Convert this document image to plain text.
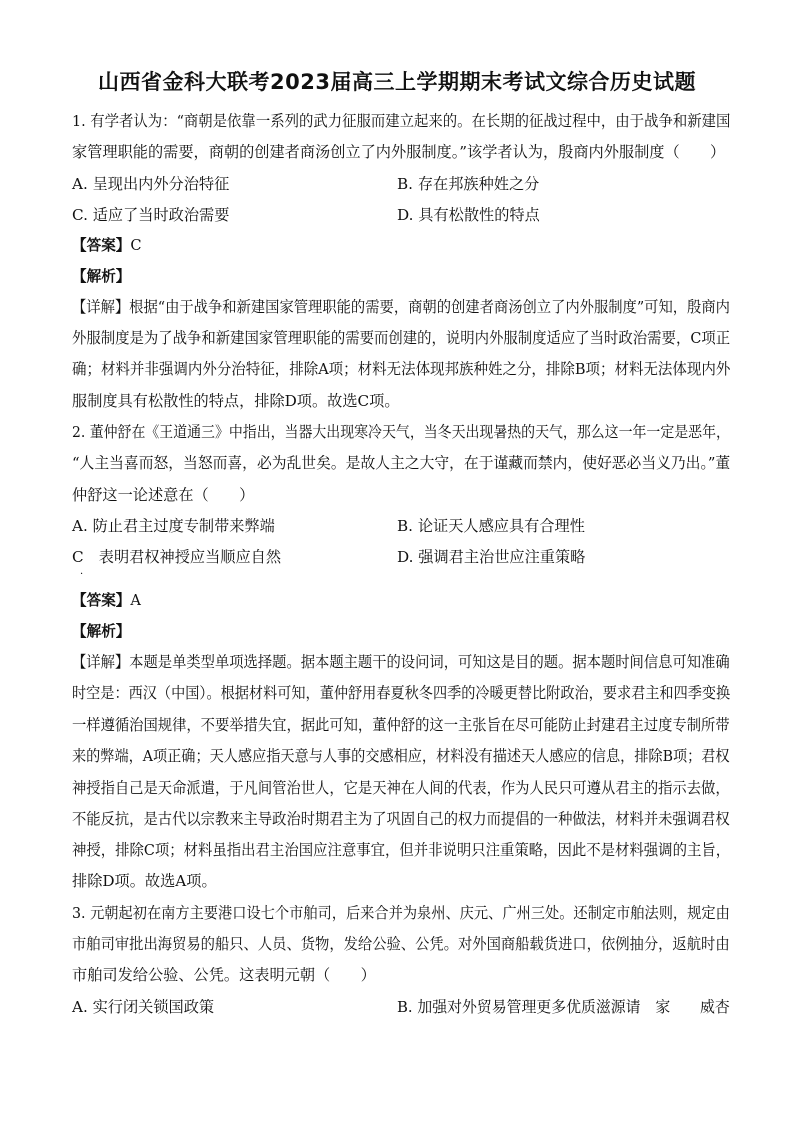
山西省金科大联考2023届高三上学期期末考试文综合历史试题
1. 有学者认为：“商朝是依靠一系列的武力征服而建立起来的。在长期的征战过程中，由于战争和新建国
家管理职能的需要，商朝的创建者商汤创立了内外服制度。”该学者认为，殷商内外服制度（　　）
A. 呈现出内外分治特征	B. 存在邦族种姓之分
C. 适应了当时政治需要	D. 具有松散性的特点
【答案】C
【解析】
【详解】根据“由于战争和新建国家管理职能的需要，商朝的创建者商汤创立了内外服制度”可知，殷商内
外服制度是为了战争和新建国家管理职能的需要而创建的，说明内外服制度适应了当时政治需要，C项正
确；材料并非强调内外分治特征，排除A项；材料无法体现邦族种姓之分，排除B项；材料无法体现内外
服制度具有松散性的特点，排除D项。故选C项。
2. 董仲舒在《王道通三》中指出，当器大出现寒冷天气，当冬天出现暑热的天气，那么这一年一定是恶年，
“人主当喜而怒，当怒而喜，必为乱世矣。是故人主之大守，在于谨藏而禁内，使好恶必当义乃出。”董
仲舒这一论述意在（　　）
A. 防止君主过度专制带来弊端	B. 论证天人感应具有合理性
C　表明君权神授应当顺应自然	D. 强调君主治世应注重策略
·
【答案】A
【解析】
【详解】本题是单类型单项选择题。据本题主题干的设问词，可知这是目的题。据本题时间信息可知准确
时空是：西汉（中国）。根据材料可知，董仲舒用春夏秋冬四季的冷暖更替比附政治，要求君主和四季变换
一样遵循治国规律，不要举措失宜，据此可知，董仲舒的这一主张旨在尽可能防止封建君主过度专制所带
来的弊端，A项正确；天人感应指天意与人事的交感相应，材料没有描述天人感应的信息，排除B项；君权
神授指自己是天命派遣，于凡间管治世人，它是天神在人间的代表，作为人民只可遵从君主的指示去做，
不能反抗，是古代以宗教来主导政治时期君主为了巩固自己的权力而提倡的一种做法，材料并未强调君权
神授，排除C项；材料虽指出君主治国应注意事宜，但并非说明只注重策略，因此不是材料强调的主旨，
排除D项。故选A项。
3. 元朝起初在南方主要港口设七个市舶司，后来合并为泉州、庆元、广州三处。还制定市舶法则，规定由
市舶司审批出海贸易的船只、人员、货物，发给公验、公凭。对外国商船载货进口，依例抽分，返航时由
市舶司发给公验、公凭。这表明元朝（　　）
A. 实行闭关锁国政策	B. 加强对外贸易管理更多优质滋源请　家　　威杏
